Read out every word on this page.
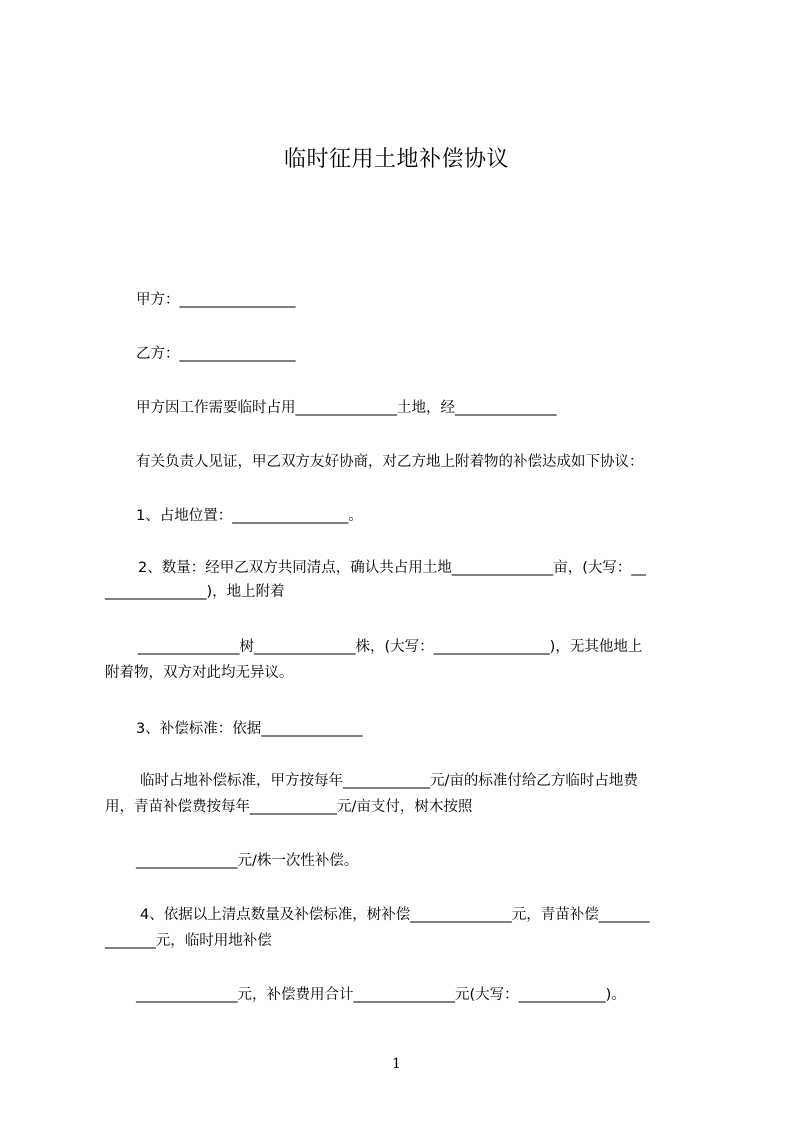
临时征用土地补偿协议
甲方：________________
乙方：________________
甲方因工作需要临时占用______________土地，经______________
有关负责人见证，甲乙双方友好协商，对乙方地上附着物的补偿达成如下协议：
1、占地位置：________________。
2、数量：经甲乙双方共同清点，确认共占用土地______________亩，(大写：__
______________)，地上附着
______________树______________株，(大写：________________)，无其他地上
附着物，双方对此均无异议。
3、补偿标准：依据______________
临时占地补偿标准，甲方按每年____________元/亩的标准付给乙方临时占地费
用，青苗补偿费按每年____________元/亩支付，树木按照
______________元/株一次性补偿。
4、依据以上清点数量及补偿标准，树补偿______________元，青苗补偿_______
_______元，临时用地补偿
______________元，补偿费用合计______________元(大写：____________)。
1
